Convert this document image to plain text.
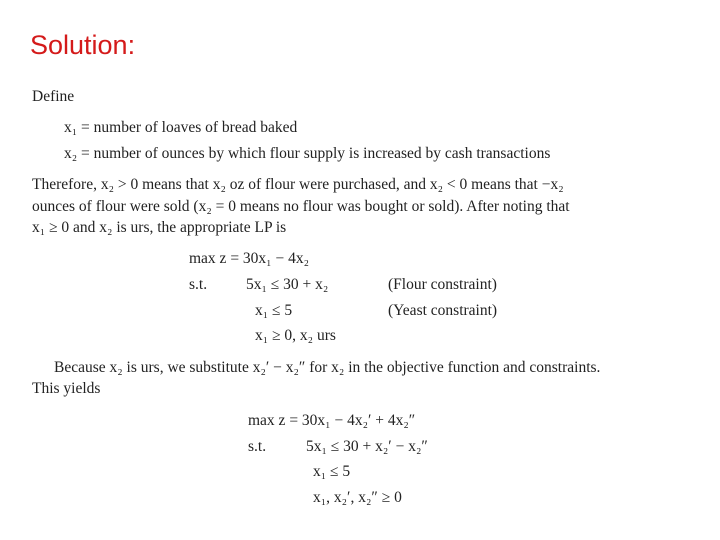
Solution:
Define
x₁ = number of loaves of bread baked
x₂ = number of ounces by which flour supply is increased by cash transactions
Therefore, x₂ > 0 means that x₂ oz of flour were purchased, and x₂ < 0 means that −x₂
ounces of flour were sold (x₂ = 0 means no flour was bought or sold). After noting that
x₁ ≥ 0 and x₂ is urs, the appropriate LP is
max z = 30x₁ − 4x₂
s.t.	5x₁ ≤ 30 + x₂	(Flour constraint)
x₁ ≤ 5	(Yeast constraint)
x₁ ≥ 0, x₂ urs
Because x₂ is urs, we substitute x₂′ − x₂″ for x₂ in the objective function and constraints.
This yields
max z = 30x₁ − 4x₂′ + 4x₂″
s.t.	5x₁ ≤ 30 + x₂′ − x₂″
x₁ ≤ 5
x₁, x₂′, x₂″ ≥ 0
